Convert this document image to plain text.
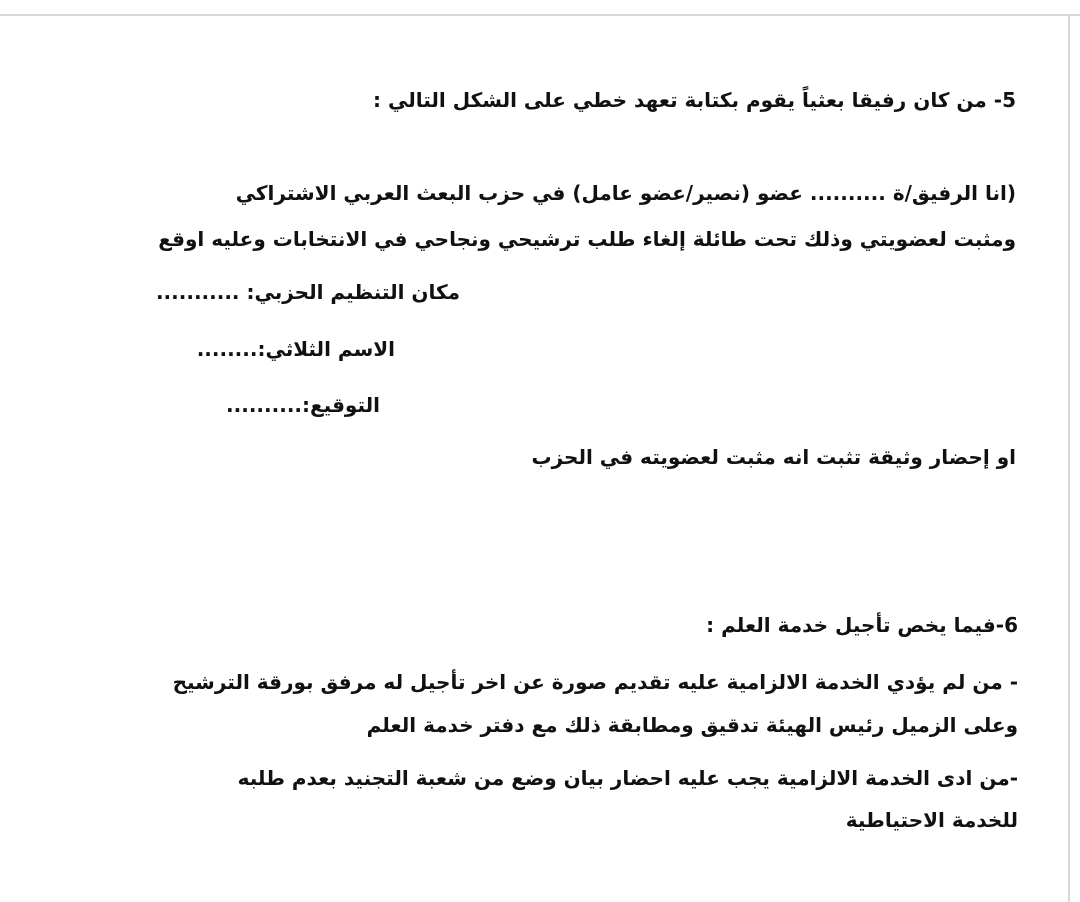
5- من كان رفيقا بعثياً يقوم بكتابة تعهد خطي على الشكل التالي :
(انا الرفيق/ة .......... عضو (نصير/عضو عامل) في حزب البعث العربي الاشتراكي
ومثبت لعضويتي وذلك تحت طائلة إلغاء طلب ترشيحي ونجاحي في الانتخابات وعليه اوقع
مكان التنظيم الحزبي: ...........
الاسم الثلاثي:........
التوقيع:..........
او إحضار وثيقة تثبت انه مثبت لعضويته في الحزب
6-فيما يخص تأجيل خدمة العلم :
- من لم يؤدي الخدمة الالزامية عليه تقديم صورة عن اخر تأجيل له مرفق بورقة الترشيح
وعلى الزميل رئيس الهيئة تدقيق ومطابقة ذلك مع دفتر خدمة العلم
-من ادى الخدمة الالزامية يجب عليه احضار بيان وضع من شعبة التجنيد بعدم طلبه
للخدمة الاحتياطية
